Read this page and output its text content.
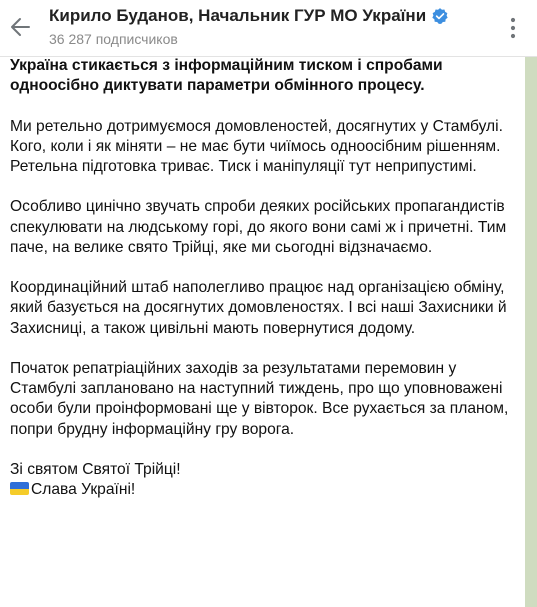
Україна стикається з інформаційним тиском і спробами одноосібно диктувати параметри обмінного процесу.

Ми ретельно дотримуємося домовленостей, досягнутих у Стамбулі. Кого, коли і як міняти – не має бути чиїмось одноосібним рішенням. Ретельна підготовка триває. Тиск і маніпуляції тут неприпустимі.

Особливо цинічно звучать спроби деяких російських пропагандистів спекулювати на людському горі, до якого вони самі ж і причетні. Тим паче, на велике свято Трійці, яке ми сьогодні відзначаємо.

Координаційний штаб наполегливо працює над організацією обміну, який базується на досягнутих домовленостях. І всі наші Захисники й Захисниці, а також цивільні мають повернутися додому.

Початок репатріаційних заходів за результатами перемовин у Стамбулі заплановано на наступний тиждень, про що уповноважені особи були проінформовані ще у вівторок. Все рухається за планом, попри брудну інформаційну гру ворога.

Зі святом Святої Трійці!
Слава Україні!
Кирило Буданов, Начальник ГУР МО України
36 287 подписчиков
